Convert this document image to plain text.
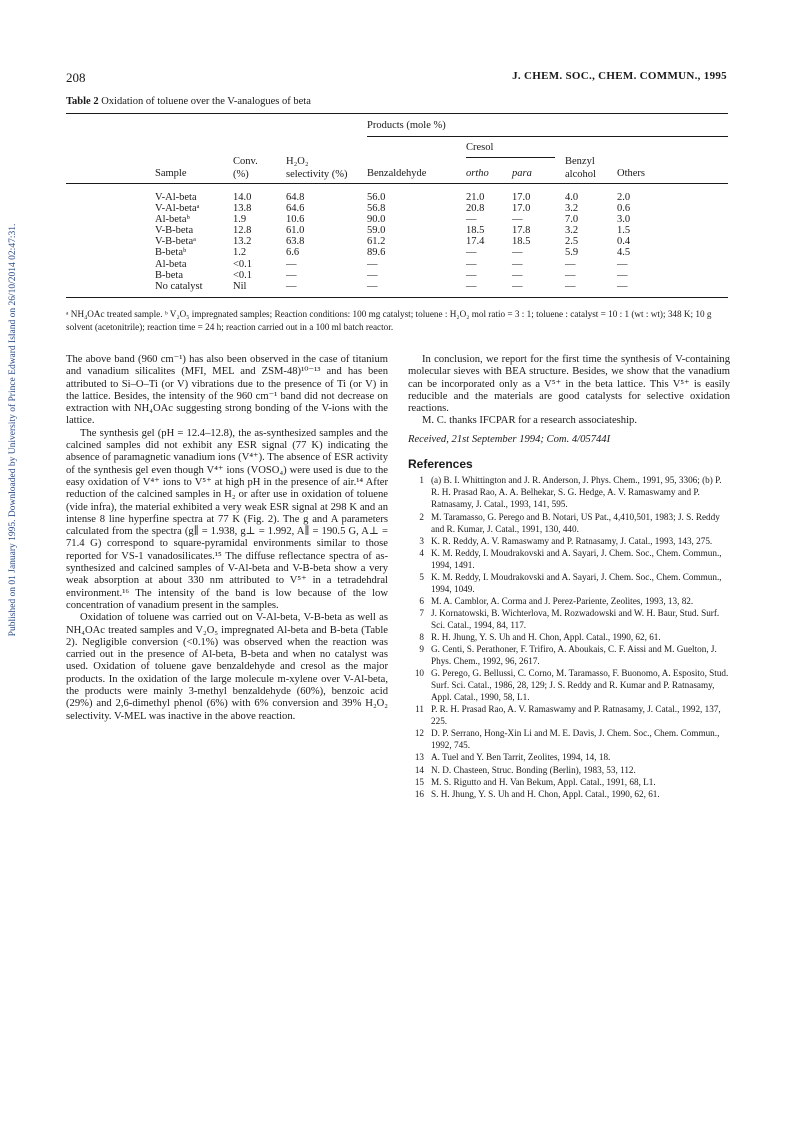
Published on 01 January 1995. Downloaded by University of Prince Edward Island on 26/10/2014 02:47:31.
208	J. CHEM. SOC., CHEM. COMMUN., 1995
Table 2 Oxidation of toluene over the V-analogues of beta
Products (mole %)
Cresol
Sample
Conv.
(%)
H₂O₂
selectivity (%) Benzaldehyde	ortho para
Benzyl
alcohol Others
V-Al-beta
V-Al-betaᵃ
Al-betaᵇ
V-B-beta
V-B-betaᵃ
B-betaᵇ
Al-beta
B-beta
No catalyst
14.0
13.8
1.9
12.8
13.2
1.2
<0.1
<0.1
Nil
64.8
64.6
10.6
61.0
63.8
6.6
—
—
—
56.0
56.8
90.0
59.0
61.2
89.6
—
—
—
21.0
20.8
—
18.5
17.4
—
—
—
—
17.0
17.0
—
17.8
18.5
—
—
—
—
4.0
3.2
7.0
3.2
2.5
5.9
—
—
—
2.0
0.6
3.0
1.5
0.4
4.5
—
—
—
ᵃ NH₄OAc treated sample. ᵇ V₂O₅ impregnated samples; Reaction conditions: 100 mg catalyst; toluene : H₂O₂ mol ratio = 3 : 1; toluene : catalyst = 10 : 1 (wt : wt); 348 K; 10 g solvent (acetonitrile); reaction time = 24 h; reaction carried out in a 100 ml batch reactor.

The above band (960 cm⁻¹) has also been observed in the case of titanium and vanadium silicalites (MFI, MEL and ZSM-48)¹⁰⁻¹³ and has been attributed to Si–O–Ti (or V) vibrations due to the presence of Ti (or V) in the lattice. Besides, the intensity of the 960 cm⁻¹ band did not decrease on extraction with NH₄OAc suggesting strong bonding of the V-ions with the lattice.

The synthesis gel (pH = 12.4–12.8), the as-synthesized samples and the calcined samples did not exhibit any ESR signal (77 K) indicating the absence of paramagnetic vanadium ions (V⁴⁺). The absence of ESR activity of the synthesis gel even though V⁴⁺ ions (VOSO₄) were used is due to the easy oxidation of V⁴⁺ ions to V⁵⁺ at high pH in the presence of air.¹⁴ After reduction of the calcined samples in H₂ or after use in oxidation of toluene (vide infra), the material exhibited a very weak ESR signal at 298 K and an intense 8 line hyperfine spectra at 77 K (Fig. 2). The g and A parameters calculated from the spectra (g∥ = 1.938, g⊥ = 1.992, A∥ = 190.5 G, A⊥ = 71.4 G) correspond to square-pyramidal environments similar to those reported for VS-1 vanadosilicates.¹⁵ The diffuse reflectance spectra of as-synthesized and calcined samples of V-Al-beta and V-B-beta show a very weak absorption at about 330 nm attributed to V⁵⁺ in a tetradehdral environment.¹⁶ The intensity of the band is low because of the low concentration of vanadium present in the samples.

Oxidation of toluene was carried out on V-Al-beta, V-B-beta as well as NH₄OAc treated samples and V₂O₅ impregnated Al-beta and B-beta (Table 2). Negligible conversion (<0.1%) was observed when the reaction was carried out in the presence of Al-beta, B-beta and when no catalyst was used. Oxidation of toluene gave benzaldehyde and cresol as the major products. In the oxidation of the large molecule m-xylene over V-Al-beta, the products were mainly 3-methyl benzaldehyde (60%), benzoic acid (29%) and 2,6-dimethyl phenol (6%) with 6% conversion and 39% H₂O₂ selectivity. V-MEL was inactive in the above reaction.

In conclusion, we report for the first time the synthesis of V-containing molecular sieves with BEA structure. Besides, we show that the vanadium can be incorporated only as a V⁵⁺ in the beta lattice. This V⁵⁺ is easily reducible and the materials are good catalysts for selective oxidation reactions.

M. C. thanks IFCPAR for a research associateship.

Received, 21st September 1994; Com. 4/05744I

References
1 (a) B. I. Whittington and J. R. Anderson, J. Phys. Chem., 1991, 95, 3306; (b) P. R. H. Prasad Rao, A. A. Belhekar, S. G. Hedge, A. V. Ramaswamy and P. Ratnasamy, J. Catal., 1993, 141, 595.
2 M. Taramasso, G. Perego and B. Notari, US Pat., 4,410,501, 1983; J. S. Reddy and R. Kumar, J. Catal., 1991, 130, 440.
3 K. R. Reddy, A. V. Ramaswamy and P. Ratnasamy, J. Catal., 1993, 143, 275.
4 K. M. Reddy, I. Moudrakovski and A. Sayari, J. Chem. Soc., Chem. Commun., 1994, 1491.
5 K. M. Reddy, I. Moudrakovski and A. Sayari, J. Chem. Soc., Chem. Commun., 1994, 1049.
6 M. A. Camblor, A. Corma and J. Perez-Pariente, Zeolites, 1993, 13, 82.
7 J. Kornatowski, B. Wichterlova, M. Rozwadowski and W. H. Baur, Stud. Surf. Sci. Catal., 1994, 84, 117.
8 R. H. Jhung, Y. S. Uh and H. Chon, Appl. Catal., 1990, 62, 61.
9 G. Centi, S. Perathoner, F. Trifiro, A. Aboukais, C. F. Aissi and M. Guelton, J. Phys. Chem., 1992, 96, 2617.
10 G. Perego, G. Bellussi, C. Corno, M. Taramasso, F. Buonomo, A. Esposito, Stud. Surf. Sci. Catal., 1986, 28, 129; J. S. Reddy and R. Kumar and P. Ratnasamy, Appl. Catal., 1990, 58, L1.
11 P. R. H. Prasad Rao, A. V. Ramaswamy and P. Ratnasamy, J. Catal., 1992, 137, 225.
12 D. P. Serrano, Hong-Xin Li and M. E. Davis, J. Chem. Soc., Chem. Commun., 1992, 745.
13 A. Tuel and Y. Ben Tarrit, Zeolites, 1994, 14, 18.
14 N. D. Chasteen, Struc. Bonding (Berlin), 1983, 53, 112.
15 M. S. Rigutto and H. Van Bekum, Appl. Catal., 1991, 68, L1.
16 S. H. Jhung, Y. S. Uh and H. Chon, Appl. Catal., 1990, 62, 61.
